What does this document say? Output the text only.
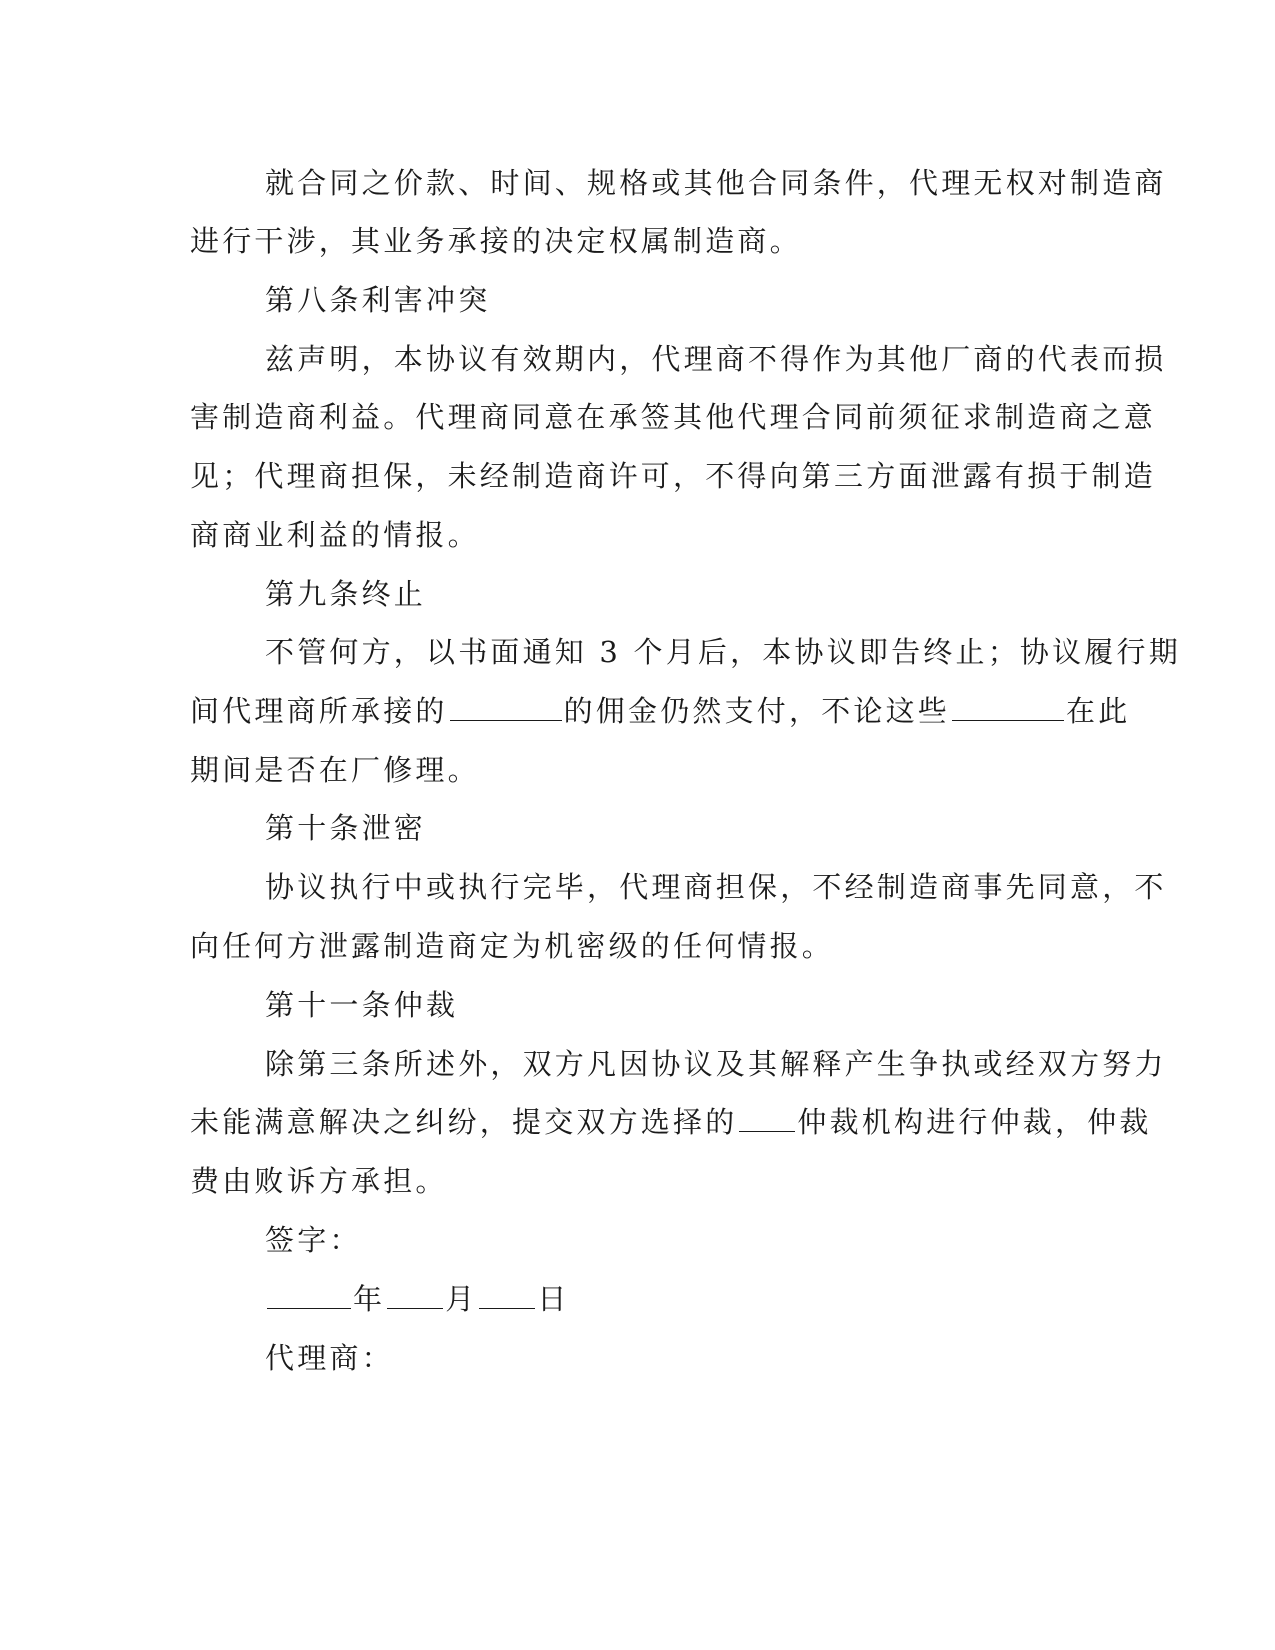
就合同之价款、时间、规格或其他合同条件，代理无权对制造商
进行干涉，其业务承接的决定权属制造商。
第八条利害冲突
兹声明，本协议有效期内，代理商不得作为其他厂商的代表而损
害制造商利益。代理商同意在承签其他代理合同前须征求制造商之意
见；代理商担保，未经制造商许可，不得向第三方面泄露有损于制造
商商业利益的情报。
第九条终止
不管何方，以书面通知 3 个月后，本协议即告终止；协议履行期
间代理商所承接的	的佣金仍然支付，不论这些	在此
期间是否在厂修理。
第十条泄密
协议执行中或执行完毕，代理商担保，不经制造商事先同意，不
向任何方泄露制造商定为机密级的任何情报。
第十一条仲裁
除第三条所述外，双方凡因协议及其解释产生争执或经双方努力
未能满意解决之纠纷，提交双方选择的 仲裁机构进行仲裁，仲裁
费由败诉方承担。
签字：
年 月 日
代理商：
